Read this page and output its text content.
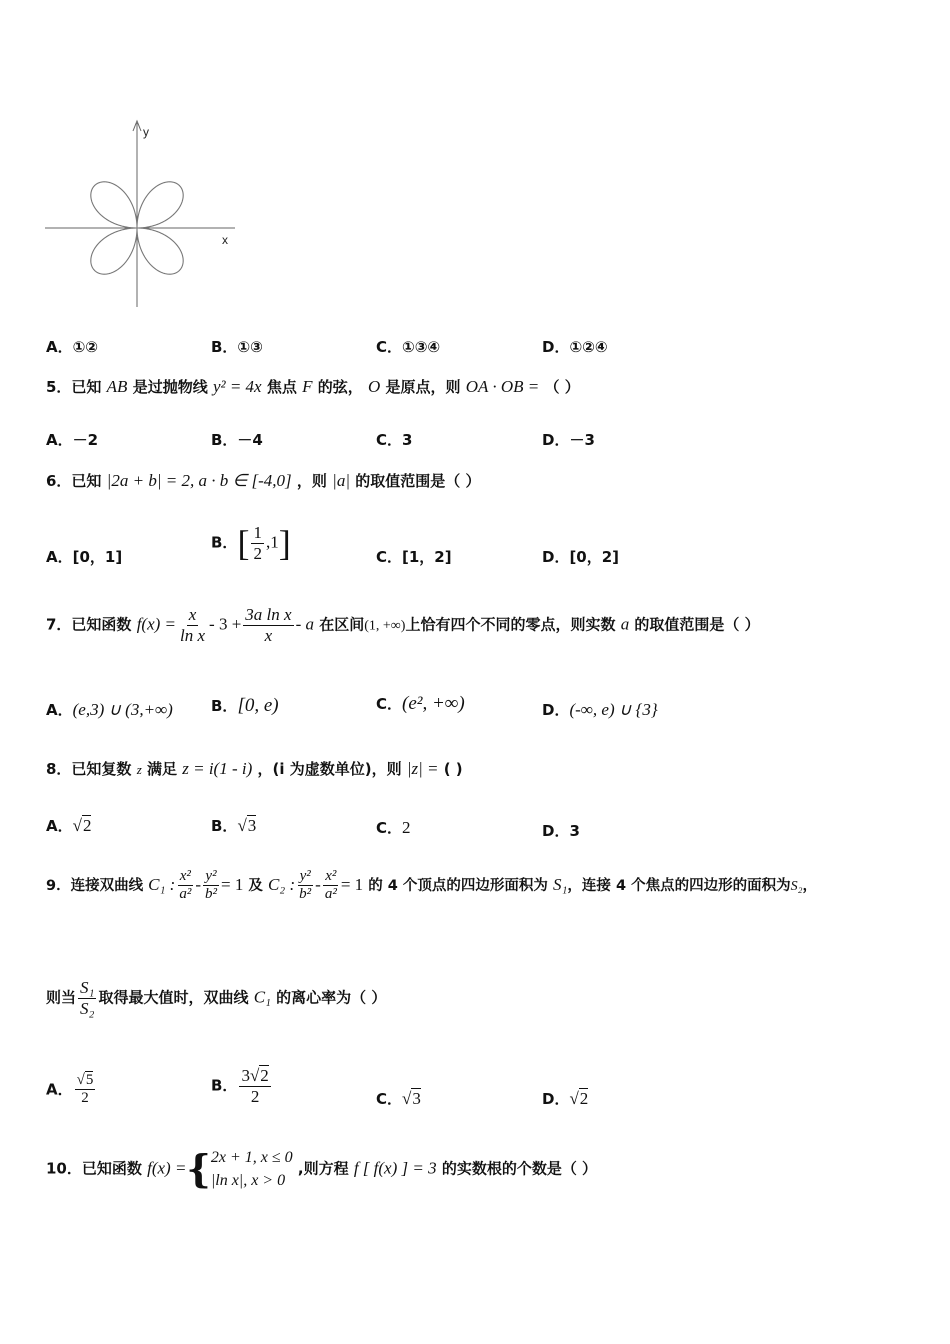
y
x
A．①②	B．①③	C．①③④	D．①②④
5．已知 AB 是过抛物线 y² = 4x 焦点 F 的弦， O 是原点，则 OA · OB = （ ）
A．－2	B．－4	C．3	D．－3
6．已知 |2a + b| = 2, a · b ∈ [-4,0] ，则 |a| 的取值范围是（ ）
A．[0，1]
B．[ $\frac{1}{2} ,1$]	C．[1，2]	D．[0，2]
7．已知函数 $f(x) = \frac{x}{\text{ln x}} - 3 + \frac{\text{3a ln x}}{x} - a$ 在区间(1, +∞)上恰有四个不同的零点，则实数 a 的取值范围是（ ）
A．(e,3) ∪ (3,+∞)	B．[0, e)	C．(e², +∞)	D．(-∞, e) ∪ {3}
8．已知复数 z 满足 z = i(1 - i) ，(i 为虚数单位)，则 |z| = ( )
A．√2	B．√3	C．2	D．3
9．连接双曲线 C₁ : $\frac{\text{x²}}{\text{a²}} - \frac{\text{y²}}{\text{b²}} = 1$ 及 C₂ : $\frac{\text{y²}}{\text{b²}} - \frac{\text{x²}}{\text{a²}} = 1$ 的 4 个顶点的四边形面积为 S₁，连接 4 个焦点的四边形的面积为S₂，
则当 $\frac{\text{S₁}}{\text{S₂}}$ 取得最大值时，双曲线 C₁ 的离心率为（ ）
A． $\frac{√5}{2}$	B． $\frac{3√2}{2}$	C．√3	D．√2
10．已知函数 f(x) ={ 2x + 1, x ≤ 0
|ln x|, x > 0
,则方程 f [ f(x) ] = 3 的实数根的个数是（ ）
